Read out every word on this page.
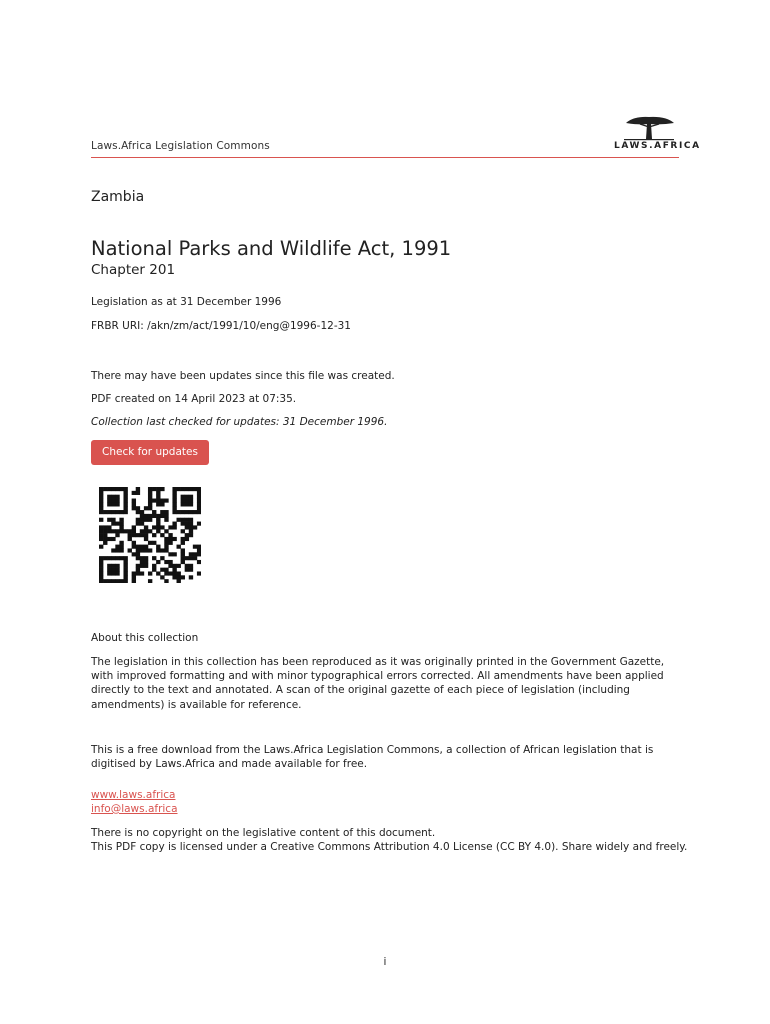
Laws.Africa Legislation Commons	LAWS.AFRICA
Zambia
National Parks and Wildlife Act, 1991
Chapter 201
Legislation as at 31 December 1996
FRBR URI: /akn/zm/act/1991/10/eng@1996-12-31
There may have been updates since this file was created.
PDF created on 14 April 2023 at 07:35.
Collection last checked for updates: 31 December 1996.
Check for updates
About this collection
The legislation in this collection has been reproduced as it was originally printed in the Government Gazette, with improved formatting and with minor typographical errors corrected. All amendments have been applied directly to the text and annotated. A scan of the original gazette of each piece of legislation (including amendments) is available for reference.
This is a free download from the Laws.Africa Legislation Commons, a collection of African legislation that is digitised by Laws.Africa and made available for free.
www.laws.africa
info@laws.africa
There is no copyright on the legislative content of this document.
This PDF copy is licensed under a Creative Commons Attribution 4.0 License (CC BY 4.0). Share widely and freely.
i
